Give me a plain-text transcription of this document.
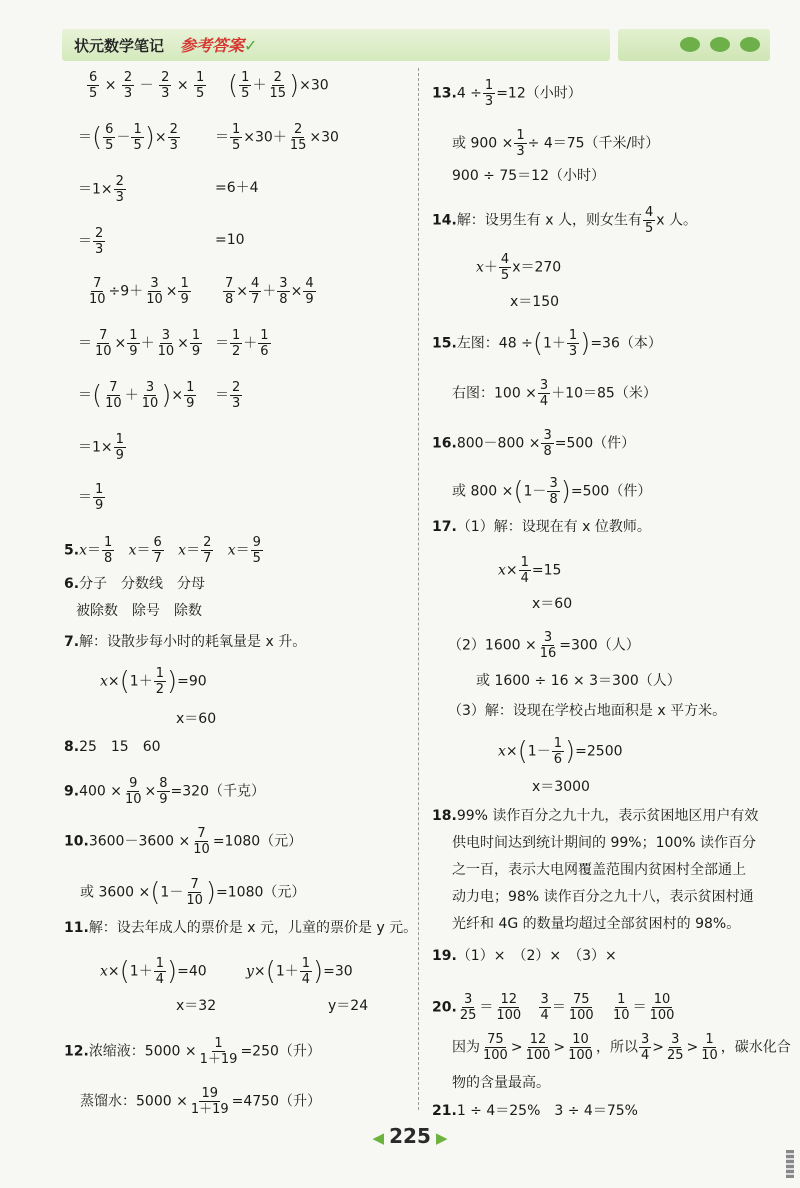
状元数学笔记 参考答案✓
$\frac{6}{5} \times \frac{2}{3} - \frac{2}{3} \times \frac{1}{5}$ ( $\frac{1}{5} + \frac{2}{15} )\times 30$
＝( $\frac{6}{5} - \frac{1}{5}$ )× $\frac{2}{3}$	＝ $\frac{1}{5} \times 30+ \frac{2}{15} \times 30$
$=1\times \frac{2}{3}$	=6＋4
＝ $\frac{2}{3}$	=10
$\frac{7}{10} \div 9+ \frac{3}{10} \times \frac{1}{9} \frac{7}{8} \times \frac{4}{7} + \frac{3}{8} \times \frac{4}{9}$
＝ $\frac{7}{10} \times \frac{1}{9} + \frac{3}{10} \times \frac{1}{9} = \frac{1}{2} + \frac{1}{6}$
＝( $\frac{7}{10} + \frac{3}{10}$ )× $\frac{1}{9} = \frac{2}{3}$
$=1\times \frac{1}{9}$
＝ $\frac{1}{9}$
$5.x= \frac{1}{8} x= \frac{6}{7} x= \frac{2}{7} x= \frac{9}{5}$
6.分子　分数线　分母
被除数　除号　除数
7.解：设散步每小时的耗氧量是 x 升。
$x\times(1+ \frac{1}{2} )=90$
x＝60
8.25　15　60
$9.400 \times \frac{9}{10} \times \frac{8}{9} =320$（千克）
$10.3600-3600 \times \frac{7}{10} =1080$（元）
或 $3600 \times(1- \frac{7}{10} )=1080$（元）
11.解：设去年成人的票价是 x 元，儿童的票价是 y 元。
$x\times(1+ \frac{1}{4} )=40$	$y\times(1+ \frac{1}{4} )=30$
x＝32	y＝24
12.浓缩液：$5000 \times \frac{1}{1+19} =250$（升）
蒸馏水：$5000 \times \frac{19}{1+19} =4750$（升）
$13.4 \div \frac{1}{3} =12$（小时）
或 $900 \times \frac{1}{3} \div 4=75$（千米/时）
900 ÷ 75＝12（小时）
14.解：设男生有 x 人，则女生有 $\frac{4}{5}$ x 人。
$x+ \frac{4}{5} x=270$
x＝150
15.左图：$48 \div(1+ \frac{1}{3} )=36$（本）
右图：$100 \times \frac{3}{4} +10=85$（米）
$16.800-800 \times \frac{3}{8} =500$（件）
或 $800 \times(1- \frac{3}{8} )=500$（件）
17.（1）解：设现在有 x 位教师。
$x\times \frac{1}{4} =15$
x＝60
$(2)1600 \times \frac{3}{16} =300$（人）
或 1600 ÷ 16 × 3＝300（人）
（3）解：设现在学校占地面积是 x 平方米。
$x\times(1- \frac{1}{6} )=2500$
x＝3000
18.99% 读作百分之九十九，表示贫困地区用户有效
供电时间达到统计期间的 99%；100% 读作百分
之一百，表示大电网覆盖范围内贫困村全部通上
动力电；98% 读作百分之九十八，表示贫困村通
光纤和 4G 的数量均超过全部贫困村的 98%。
19.（1）×　（2）×　（3）×
20. $\frac{3}{25} = \frac{12}{100}$
$\frac{3}{4} = \frac{75}{100}$
$\frac{1}{10} = \frac{10}{100}$
因为 $\frac{75}{100} > \frac{12}{100} > \frac{10}{100}$ ，所以 $\frac{3}{4} > \frac{3}{25} > \frac{1}{10}$ ，碳水化合
物的含量最高。
21.1 ÷ 4＝25%　3 ÷ 4＝75%
◀ 225 ▶
